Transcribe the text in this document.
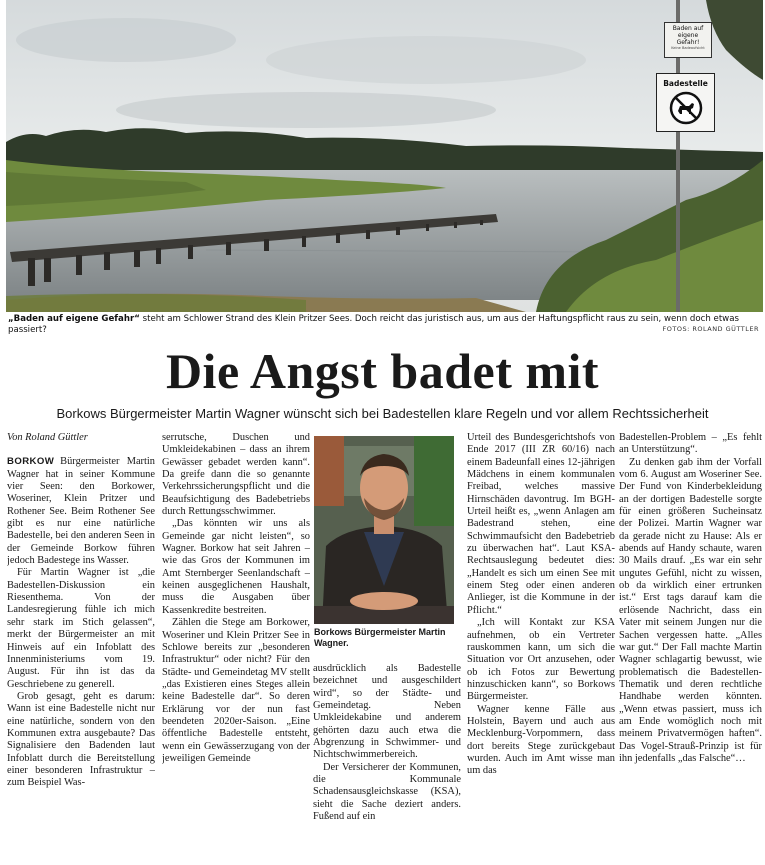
Baden auf eigene
Gefahr!
Keine Badeaufsicht
Badestelle
„Baden auf eigene Gefahr“ steht am Schlower Strand des Klein Pritzer Sees. Doch reicht das juristisch aus, um aus der Haftungspflicht raus zu sein, wenn doch etwas passiert?	FOTOS: ROLAND GÜTTLER
Die Angst badet mit
Borkows Bürgermeister Martin Wagner wünscht sich bei Badestellen klare Regeln und vor allem Rechtssicherheit
Von Roland Güttler

BORKOW Bürgermeister Martin Wagner hat in seiner Kommune vier Seen: den Borkower, Woseriner, Klein Pritzer und Rothener See. Beim Rothener See gibt es nur eine natürliche Badestelle, bei den anderen Seen in der Gemeinde Borkow führen jedoch Badestege ins Wasser.

Für Martin Wagner ist „die Badestellen-Diskussion ein Riesenthema. Von der Landesregierung fühle ich mich sehr stark im Stich gelassen“, merkt der Bürgermeister an mit Hinweis auf ein Infoblatt des Innenministeriums vom 19. August. Für ihn ist das da Geschriebene zu generell.

Grob gesagt, geht es darum: Wann ist eine Badestelle nicht nur eine natürliche, sondern von den Kommunen extra ausgebaute? Das Signalisiere den Badenden laut Infoblatt durch die Bereitstellung einer besonderen Infrastruktur – zum Beispiel Was-

serrutsche, Duschen und Umkleidekabinen – dass an ihrem Gewässer gebadet werden kann“. Da greife dann die so genannte Verkehrssicherungspflicht und die Beaufsichtigung des Badebetriebs durch Rettungsschwimmer.

„Das könnten wir uns als Gemeinde gar nicht leisten“, so Wagner. Borkow hat seit Jahren – wie das Gros der Kommunen im Amt Sternberger Seenlandschaft – keinen ausgeglichenen Haushalt, muss die Ausgaben über Kassenkredite bestreiten.

Zählen die Stege am Borkower, Woseriner und Klein Pritzer See in Schlowe bereits zur „besonderen Infrastruktur“ oder nicht? Für den Städte- und Gemeindetag MV stellt „das Existieren eines Steges allein keine Badestelle dar“. So deren Erklärung vor der nun fast beendeten 2020er-Saison. „Eine öffentliche Badestelle entsteht, wenn ein Gewässerzugang von der jeweiligen Gemeinde

Borkows Bürgermeister Martin Wagner.

ausdrücklich als Badestelle bezeichnet und ausgeschildert wird“, so der Städte- und Gemeindetag. Neben Umkleidekabine und anderem gehörten dazu auch etwa die Abgrenzung in Schwimmer- und Nichtschwimmerbereich.

Der Versicherer der Kommunen, die Kommunale Schadensausgleichskasse (KSA), sieht die Sache deziert anders. Fußend auf ein

Urteil des Bundesgerichtshofs von Ende 2017 (III ZR 60/16) nach einem Badeunfall eines 12-jährigen Mädchens in einem kommunalen Freibad, welches massive Hirnschäden davontrug. Im BGH-Urteil heißt es, „wenn Anlagen am Badestrand stehen, eine Schwimmaufsicht den Badebetrieb zu überwachen hat“. Laut KSA-Rechtsauslegung bedeutet dies: „Handelt es sich um einen See mit einem Steg oder einen anderen Anlieger, ist die Kommune in der Pflicht.“

„Ich will Kontakt zur KSA aufnehmen, ob ein Vertreter rauskommen kann, um sich die Situation vor Ort anzusehen, oder ob ich Fotos zur Bewertung hinzuschicken kann“, so Borkows Bürgermeister.

Wagner kenne Fälle aus Holstein, Bayern und auch aus Mecklenburg-Vorpommern, dass dort bereits Stege zurückgebaut wurden. Auch im Amt wisse man um das

Badestellen-Problem – „Es fehlt an Unterstützung“.

Zu denken gab ihm der Vorfall vom 6. August am Woseriner See. Der Fund von Kinderbekleidung an der dortigen Badestelle sorgte für einen größeren Sucheinsatz der Polizei. Martin Wagner war da gerade nicht zu Hause: Als er abends auf Handy schaute, waren 30 Mails drauf. „Es war ein sehr ungutes Gefühl, nicht zu wissen, ob da wirklich einer ertrunken ist.“ Erst tags darauf kam die erlösende Nachricht, dass ein Vater mit seinem Jungen nur die Sachen vergessen hatte. „Alles war gut.“ Der Fall machte Martin Wagner schlagartig bewusst, wie problematisch die Badestellen-Thematik und deren rechtliche Handhabe werden könnten. „Wenn etwas passiert, muss ich am Ende womöglich noch mit meinem Privatvermögen haften“. Das Vogel-Strauß-Prinzip ist für ihn jedenfalls „das Falsche“…
